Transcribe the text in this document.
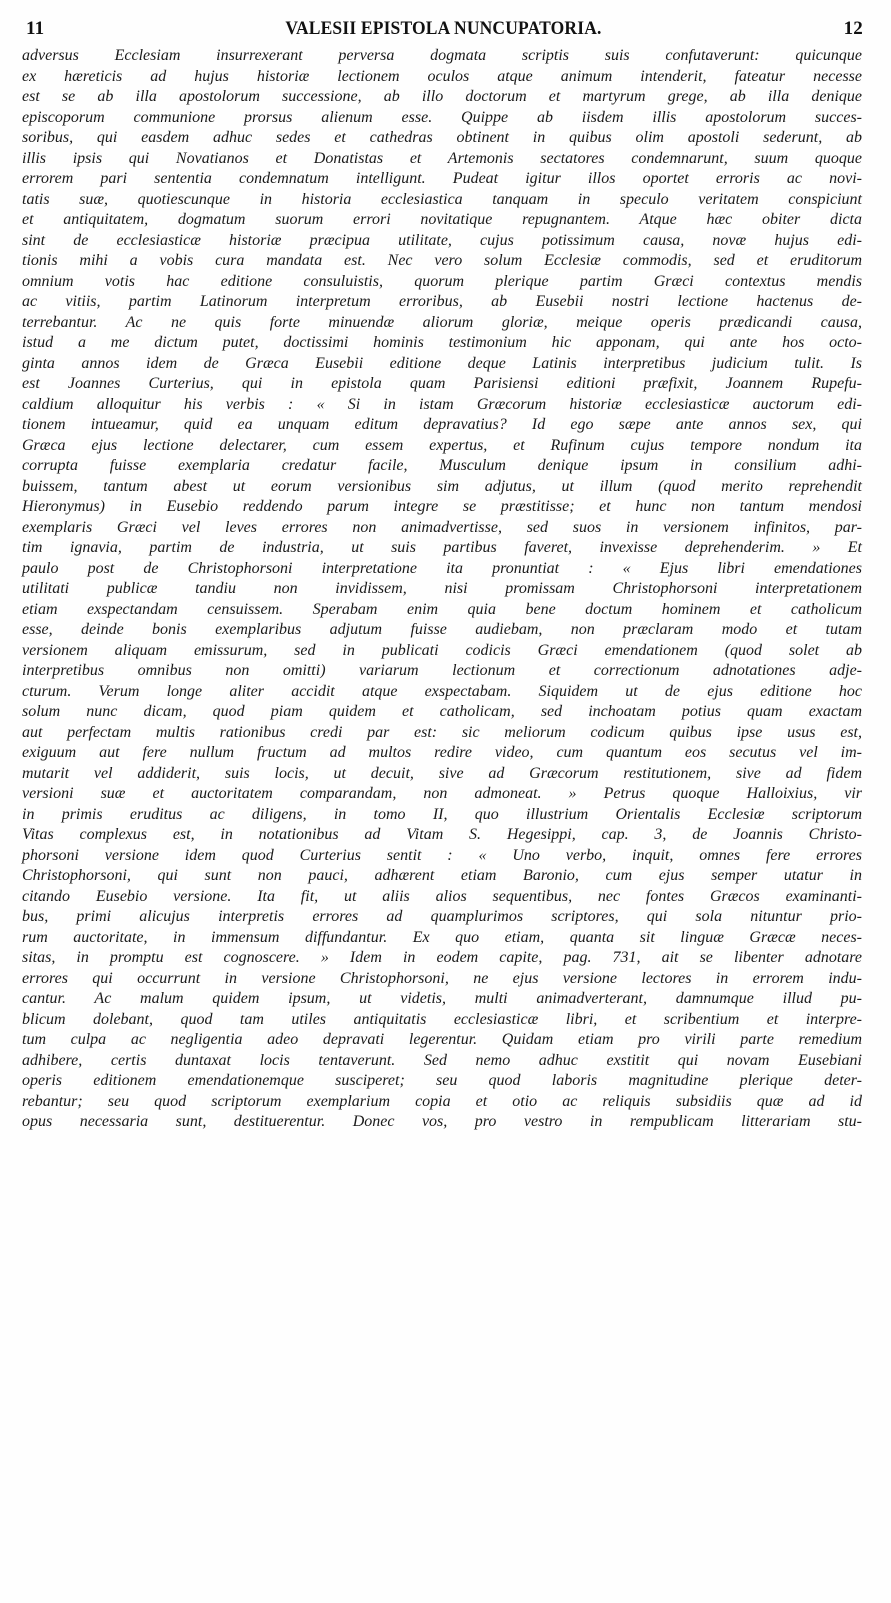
11	VALESII EPISTOLA NUNCUPATORIA.	12
adversus Ecclesiam insurrexerant perversa dogmata scriptis suis confutaverunt: quicunque
ex hæreticis ad hujus historiæ lectionem oculos atque animum intenderit, fateatur necesse
est se ab illa apostolorum successione, ab illo doctorum et martyrum grege, ab illa denique
episcoporum communione prorsus alienum esse. Quippe ab iisdem illis apostolorum succes-
soribus, qui easdem adhuc sedes et cathedras obtinent in quibus olim apostoli sederunt, ab
illis ipsis qui Novatianos et Donatistas et Artemonis sectatores condemnarunt, suum quoque
errorem pari sententia condemnatum intelligunt. Pudeat igitur illos oportet erroris ac novi-
tatis suæ, quotiescunque in historia ecclesiastica tanquam in speculo veritatem conspiciunt
et antiquitatem, dogmatum suorum errori novitatique repugnantem. Atque hæc obiter dicta
sint de ecclesiasticæ historiæ præcipua utilitate, cujus potissimum causa, novæ hujus edi-
tionis mihi a vobis cura mandata est. Nec vero solum Ecclesiæ commodis, sed et eruditorum
omnium votis hac editione consuluistis, quorum plerique partim Græci contextus mendis
ac vitiis, partim Latinorum interpretum erroribus, ab Eusebii nostri lectione hactenus de-
terrebantur. Ac ne quis forte minuendæ aliorum gloriæ, meique operis prædicandi causa,
istud a me dictum putet, doctissimi hominis testimonium hic apponam, qui ante hos octo-
ginta annos idem de Græca Eusebii editione deque Latinis interpretibus judicium tulit. Is
est Joannes Curterius, qui in epistola quam Parisiensi editioni præfixit, Joannem Rupefu-
caldium alloquitur his verbis : « Si in istam Græcorum historiæ ecclesiasticæ auctorum edi-
tionem intueamur, quid ea unquam editum depravatius? Id ego sæpe ante annos sex, qui
Græca ejus lectione delectarer, cum essem expertus, et Rufinum cujus tempore nondum ita
corrupta fuisse exemplaria credatur facile, Musculum denique ipsum in consilium adhi-
buissem, tantum abest ut eorum versionibus sim adjutus, ut illum (quod merito reprehendit
Hieronymus) in Eusebio reddendo parum integre se præstitisse; et hunc non tantum mendosi
exemplaris Græci vel leves errores non animadvertisse, sed suos in versionem infinitos, par-
tim ignavia, partim de industria, ut suis partibus faveret, invexisse deprehenderim. » Et
paulo post de Christophorsoni interpretatione ita pronuntiat : « Ejus libri emendationes
utilitati publicæ tandiu non invidissem, nisi promissam Christophorsoni interpretationem
etiam exspectandam censuissem. Sperabam enim quia bene doctum hominem et catholicum
esse, deinde bonis exemplaribus adjutum fuisse audiebam, non præclaram modo et tutam
versionem aliquam emissurum, sed in publicati codicis Græci emendationem (quod solet ab
interpretibus omnibus non omitti) variarum lectionum et correctionum adnotationes adje-
cturum. Verum longe aliter accidit atque exspectabam. Siquidem ut de ejus editione hoc
solum nunc dicam, quod piam quidem et catholicam, sed inchoatam potius quam exactam
aut perfectam multis rationibus credi par est: sic meliorum codicum quibus ipse usus est,
exiguum aut fere nullum fructum ad multos redire video, cum quantum eos secutus vel im-
mutarit vel addiderit, suis locis, ut decuit, sive ad Græcorum restitutionem, sive ad fidem
versioni suæ et auctoritatem comparandam, non admoneat. » Petrus quoque Halloixius, vir
in primis eruditus ac diligens, in tomo II, quo illustrium Orientalis Ecclesiæ scriptorum
Vitas complexus est, in notationibus ad Vitam S. Hegesippi, cap. 3, de Joannis Christo-
phorsoni versione idem quod Curterius sentit : « Uno verbo, inquit, omnes fere errores
Christophorsoni, qui sunt non pauci, adhærent etiam Baronio, cum ejus semper utatur in
citando Eusebio versione. Ita fit, ut aliis alios sequentibus, nec fontes Græcos examinanti-
bus, primi alicujus interpretis errores ad quamplurimos scriptores, qui sola nituntur prio-
rum auctoritate, in immensum diffundantur. Ex quo etiam, quanta sit linguæ Græcæ neces-
sitas, in promptu est cognoscere. » Idem in eodem capite, pag. 731, ait se libenter adnotare
errores qui occurrunt in versione Christophorsoni, ne ejus versione lectores in errorem indu-
cantur. Ac malum quidem ipsum, ut videtis, multi animadverterant, damnumque illud pu-
blicum dolebant, quod tam utiles antiquitatis ecclesiasticæ libri, et scribentium et interpre-
tum culpa ac negligentia adeo depravati legerentur. Quidam etiam pro virili parte remedium
adhibere, certis duntaxat locis tentaverunt. Sed nemo adhuc exstitit qui novam Eusebiani
operis editionem emendationemque susciperet; seu quod laboris magnitudine plerique deter-
rebantur; seu quod scriptorum exemplarium copia et otio ac reliquis subsidiis quæ ad id
opus necessaria sunt, destituerentur. Donec vos, pro vestro in rempublicam litterariam stu-
